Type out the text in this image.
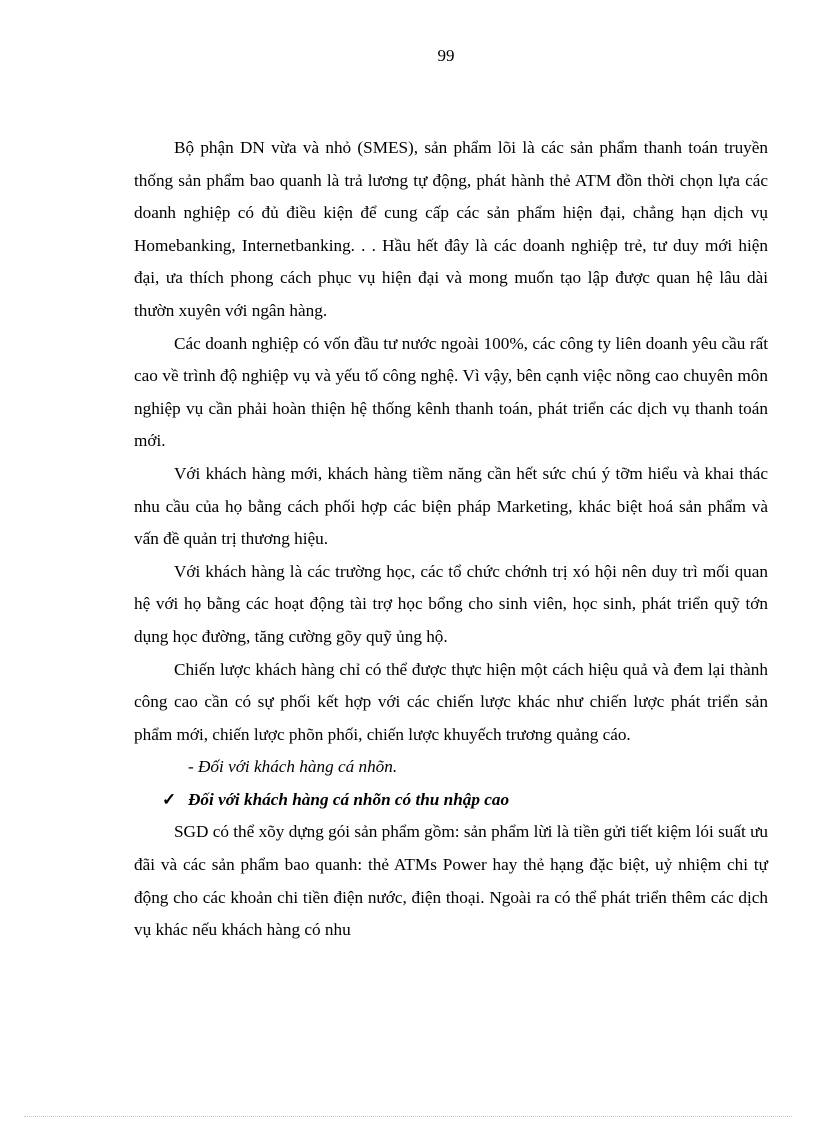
99

Bộ phận DN vừa và nhỏ (SMES), sản phẩm lõi là các sản phẩm thanh toán truyền thống sản phẩm bao quanh là trả lương tự động, phát hành thẻ ATM đồn thời chọn lựa các doanh nghiệp có đủ điều kiện để cung cấp các sản phẩm hiện đại, chẳng hạn dịch vụ Homebanking, Internetbanking. . . Hầu hết đây là các doanh nghiệp trẻ, tư duy mới hiện đại, ưa thích phong cách phục vụ hiện đại và mong muốn tạo lập được quan hệ lâu dài thườn xuyên với ngân hàng.

Các doanh nghiệp có vốn đầu tư nước ngoài 100%, các công ty liên doanh yêu cầu rất cao về trình độ nghiệp vụ và yếu tố công nghệ. Vì vậy, bên cạnh việc nõng cao chuyên môn nghiệp vụ cần phải hoàn thiện hệ thống kênh thanh toán, phát triển các dịch vụ thanh toán mới.

Với khách hàng mới, khách hàng tiềm năng cần hết sức chú ý tỡm hiểu và khai thác nhu cầu của họ bằng cách phối hợp các biện pháp Marketing, khác biệt hoá sản phẩm và vấn đề quản trị thương hiệu.

Với khách hàng là các trường học, các tổ chức chớnh trị xó hội nên duy trì mối quan hệ với họ bằng các hoạt động tài trợ học bổng cho sinh viên, học sinh, phát triển quỹ tớn dụng học đường, tăng cường gõy quỹ ủng hộ.

Chiến lược khách hàng chỉ có thể được thực hiện một cách hiệu quả và đem lại thành công cao cần có sự phối kết hợp với các chiến lược khác như chiến lược phát triển sản phẩm mới, chiến lược phõn phối, chiến lược khuyếch trương quảng cáo.

- Đối với khách hàng cá nhõn.

✓ Đối với khách hàng cá nhõn có thu nhập cao

SGD có thể xõy dựng gói sản phẩm gồm: sản phẩm lừi là tiền gửi tiết kiệm lói suất ưu đãi và các sản phẩm bao quanh: thẻ ATMs Power hay thẻ hạng đặc biệt, uỷ nhiệm chi tự động cho các khoản chi tiền điện nước, điện thoại. Ngoài ra có thể phát triển thêm các dịch vụ khác nếu khách hàng có nhu
